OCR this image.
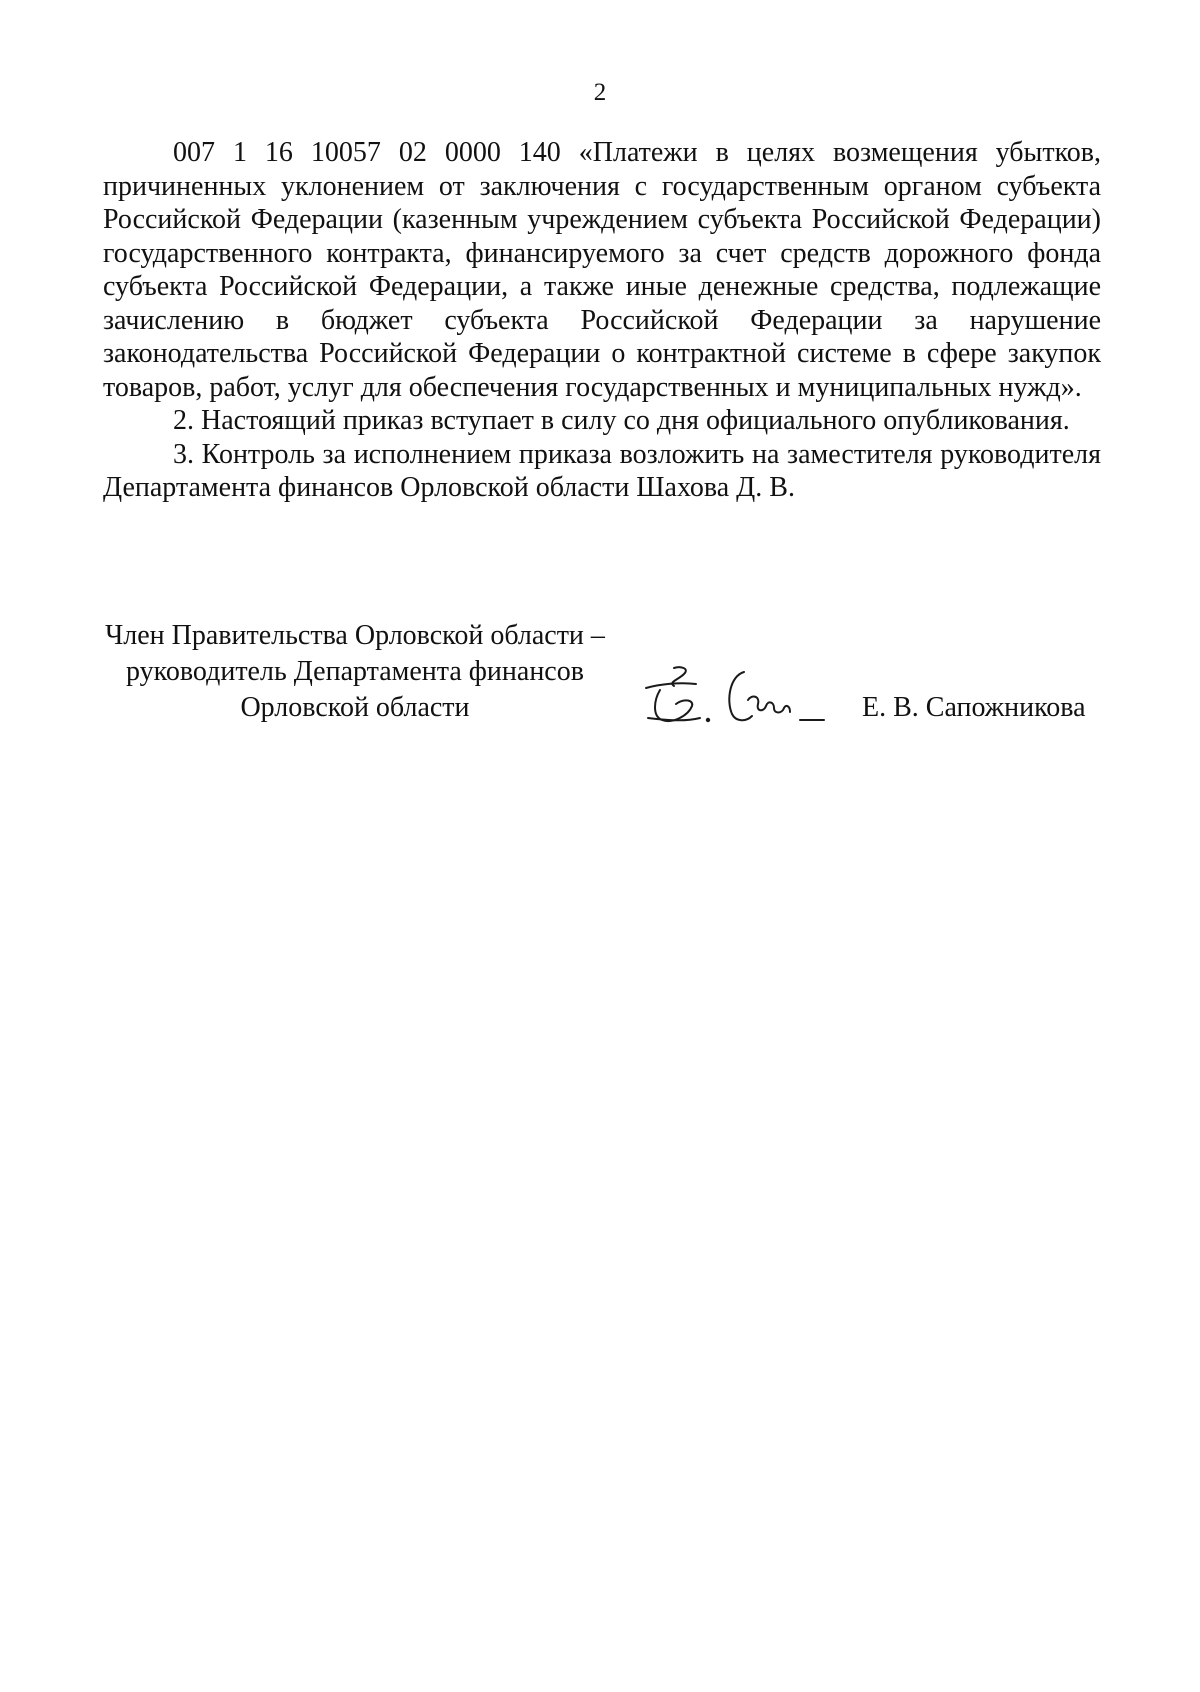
2

007 1 16 10057 02 0000 140 «Платежи в целях возмещения убытков, причиненных уклонением от заключения с государственным органом субъекта Российской Федерации (казенным учреждением субъекта Российской Федерации) государственного контракта, финансируемого за счет средств дорожного фонда субъекта Российской Федерации, а также иные денежные средства, подлежащие зачислению в бюджет субъекта Российской Федерации за нарушение законодательства Российской Федерации о контрактной системе в сфере закупок товаров, работ, услуг для обеспечения государственных и муниципальных нужд».

2. Настоящий приказ вступает в силу со дня официального опубликования.

3. Контроль за исполнением приказа возложить на заместителя руководителя Департамента финансов Орловской области Шахова Д. В.

Член Правительства Орловской области –
руководитель Департамента финансов
Орловской области	Е. В. Сапожникова
